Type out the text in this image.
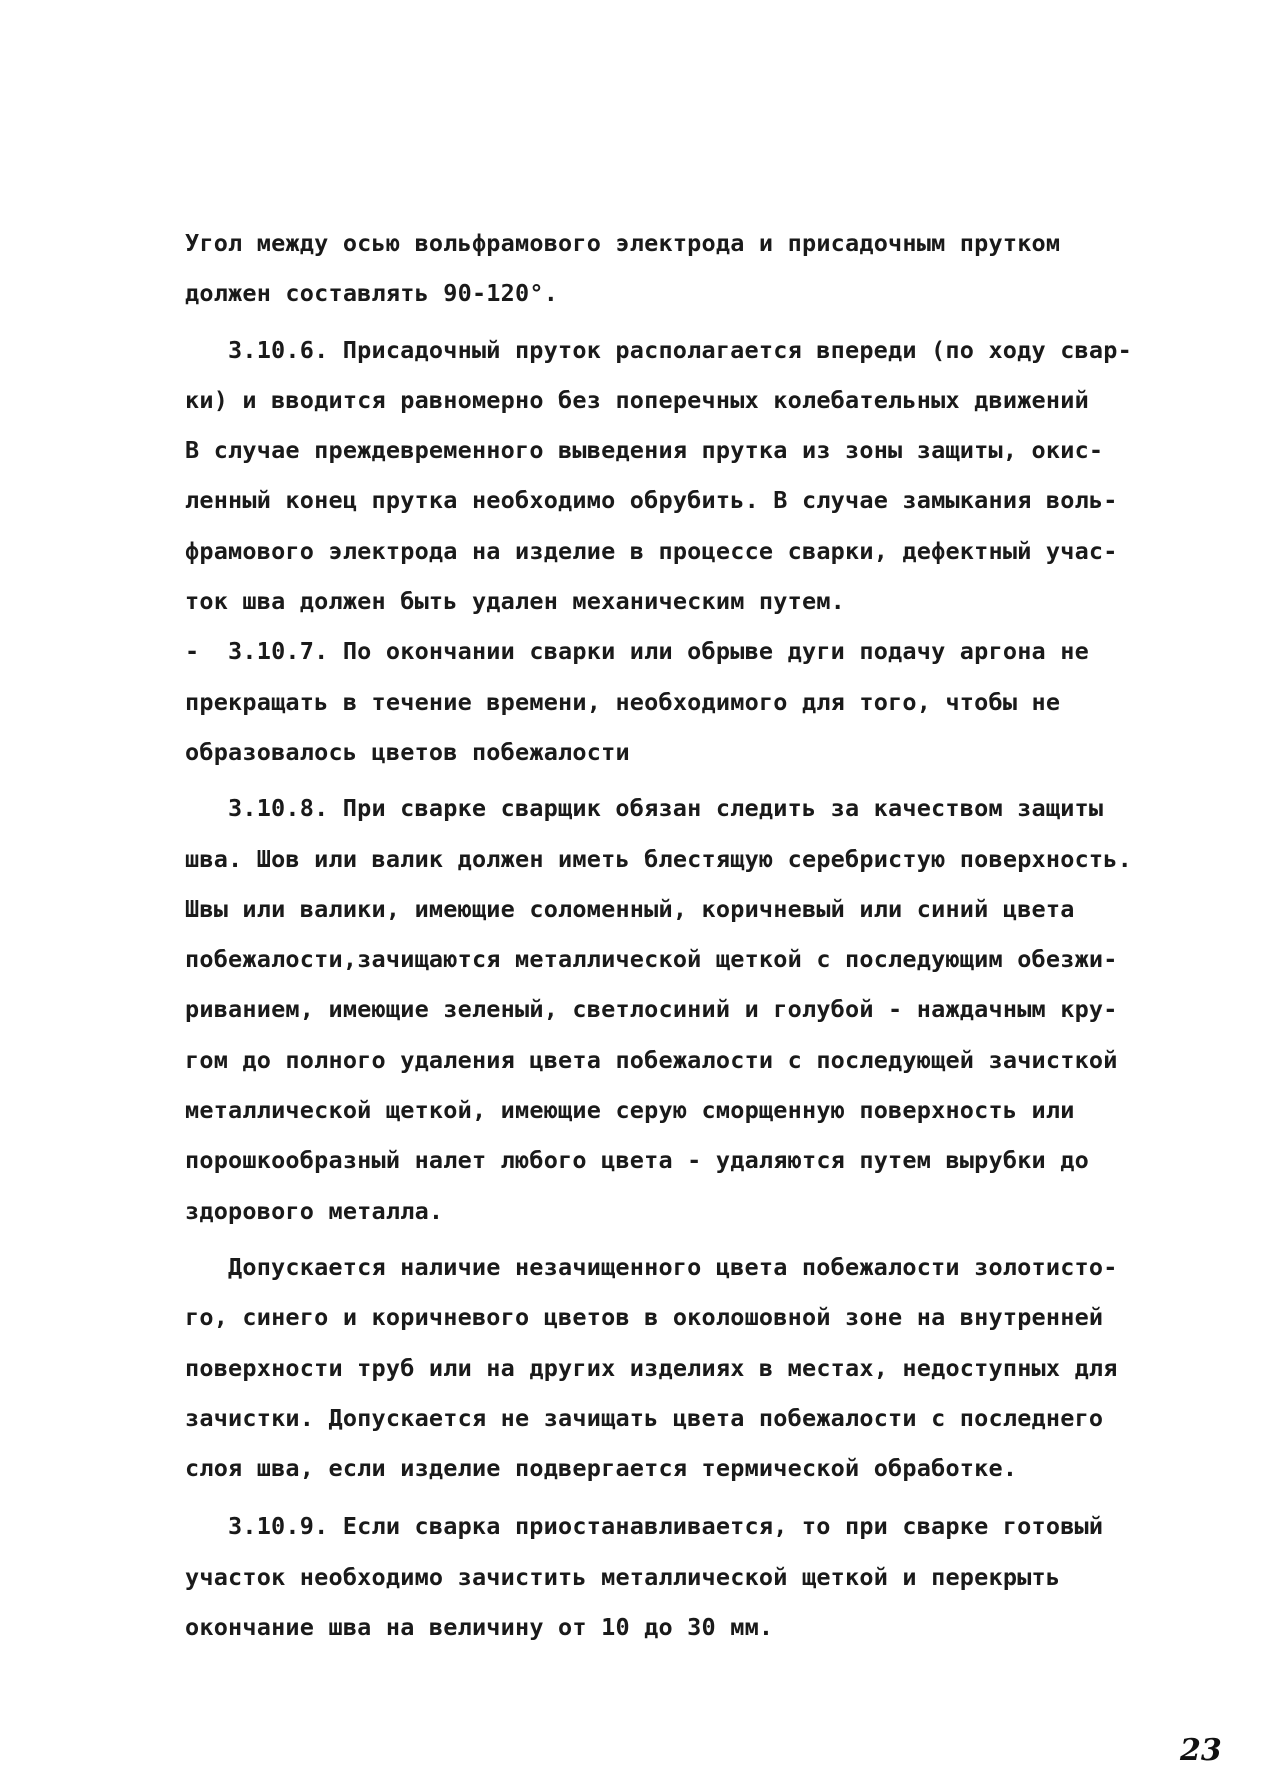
Угол между осью вольфрамового электрода и присадочным прутком
должен составлять 90-120°.
3.10.6. Присадочный пруток располагается впереди (по ходу свар-
ки) и вводится равномерно без поперечных колебательных движений
В случае преждевременного выведения прутка из зоны защиты, окис-
ленный конец прутка необходимо обрубить. В случае замыкания воль-
фрамового электрода на изделие в процессе сварки, дефектный учас-
ток шва должен быть удален механическим путем.
-  3.10.7. По окончании сварки или обрыве дуги подачу аргона не
прекращать в течение времени, необходимого для того, чтобы не
образовалось цветов побежалости
3.10.8. При сварке сварщик обязан следить за качеством защиты
шва. Шов или валик должен иметь блестящую серебристую поверхность.
Швы или валики, имеющие соломенный, коричневый или синий цвета
побежалости,зачищаются металлической щеткой с последующим обезжи-
риванием, имеющие зеленый, светлосиний и голубой - наждачным кру-
гом до полного удаления цвета побежалости с последующей зачисткой
металлической щеткой, имеющие серую сморщенную поверхность или
порошкообразный налет любого цвета - удаляются путем вырубки до
здорового металла.
Допускается наличие незачищенного цвета побежалости золотисто-
го, синего и коричневого цветов в околошовной зоне на внутренней
поверхности труб или на других изделиях в местах, недоступных для
зачистки. Допускается не зачищать цвета побежалости с последнего
слоя шва, если изделие подвергается термической обработке.
3.10.9. Если сварка приостанавливается, то при сварке готовый
участок необходимо зачистить металлической щеткой и перекрыть
окончание шва на величину от 10 до 30 мм.
23
